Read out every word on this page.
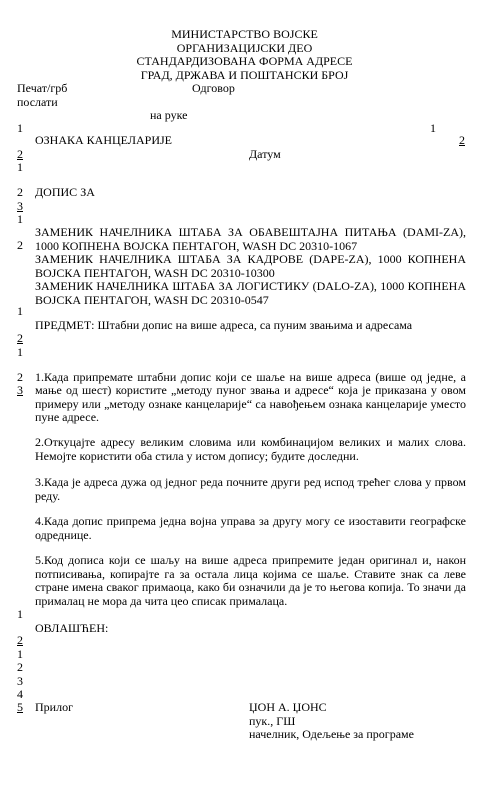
МИНИСТАРСТВО ВОЈСКЕ
ОРГАНИЗАЦИЈСКИ ДЕО
СТАНДАРДИЗОВАНА ФОРМА АДРЕСЕ
ГРАД, ДРЖАВА И ПОШТАНСКИ БРОЈ
Печат/грб	Одговор
послати
на руке
1	1
ОЗНАКА КАНЦЕЛАРИЈЕ	2
2	Датум
1
2 ДОПИС ЗА
3
1
2
ЗАМЕНИК НАЧЕЛНИКА ШТАБА ЗА ОБАВЕШТАЈНА ПИТАЊА (DAMI-ZA), 1000 КОПНЕНА ВОЈСКА ПЕНТАГОН, WASH DC 20310-1067
ЗАМЕНИК НАЧЕЛНИКА ШТАБА ЗА КАДРОВЕ (DAPE-ZA), 1000 КОПНЕНА ВОЈСКА ПЕНТАГОН, WASH DC 20310-10300
ЗАМЕНИК НАЧЕЛНИКА ШТАБА ЗА ЛОГИСТИКУ (DALO-ZA), 1000 КОПНЕНА ВОЈСКА ПЕНТАГОН, WASH DC 20310-0547
1
ПРЕДМЕТ: Штабни допис на више адреса, са пуним звањима и адресама
2
1
2
3
1.Када припремате штабни допис који се шаље на више адреса (више од једне, а мање од шест) користите „методу пуног звања и адресе“ која је приказана у овом примеру или „методу ознаке канцеларије“ са навођењем ознака канцеларије уместо пуне адресе.
2.Откуцајте адресу великим словима или комбинацијом великих и малих слова. Немојте користити оба стила у истом допису; будите доследни.
3.Када је адреса дужа од једног реда почните други ред испод трећег слова у првом реду.
4.Када допис припрема једна војна управа за другу могу се изоставити географске одреднице.
5.Код дописа који се шаљу на више адреса припремите један оригинал и, након потписивања, копирајте га за остала лица којима се шаље. Ставите знак са леве стране имена сваког примаоца, како би означили да је то његова копија. То значи да прималац не мора да чита цео списак прималаца.
1
ОВЛАШЋЕН:
2
1
2
3
4
5 Прилог	ЏОН А. ЏОНС
пук., ГШ
начелник, Одељење за програме
